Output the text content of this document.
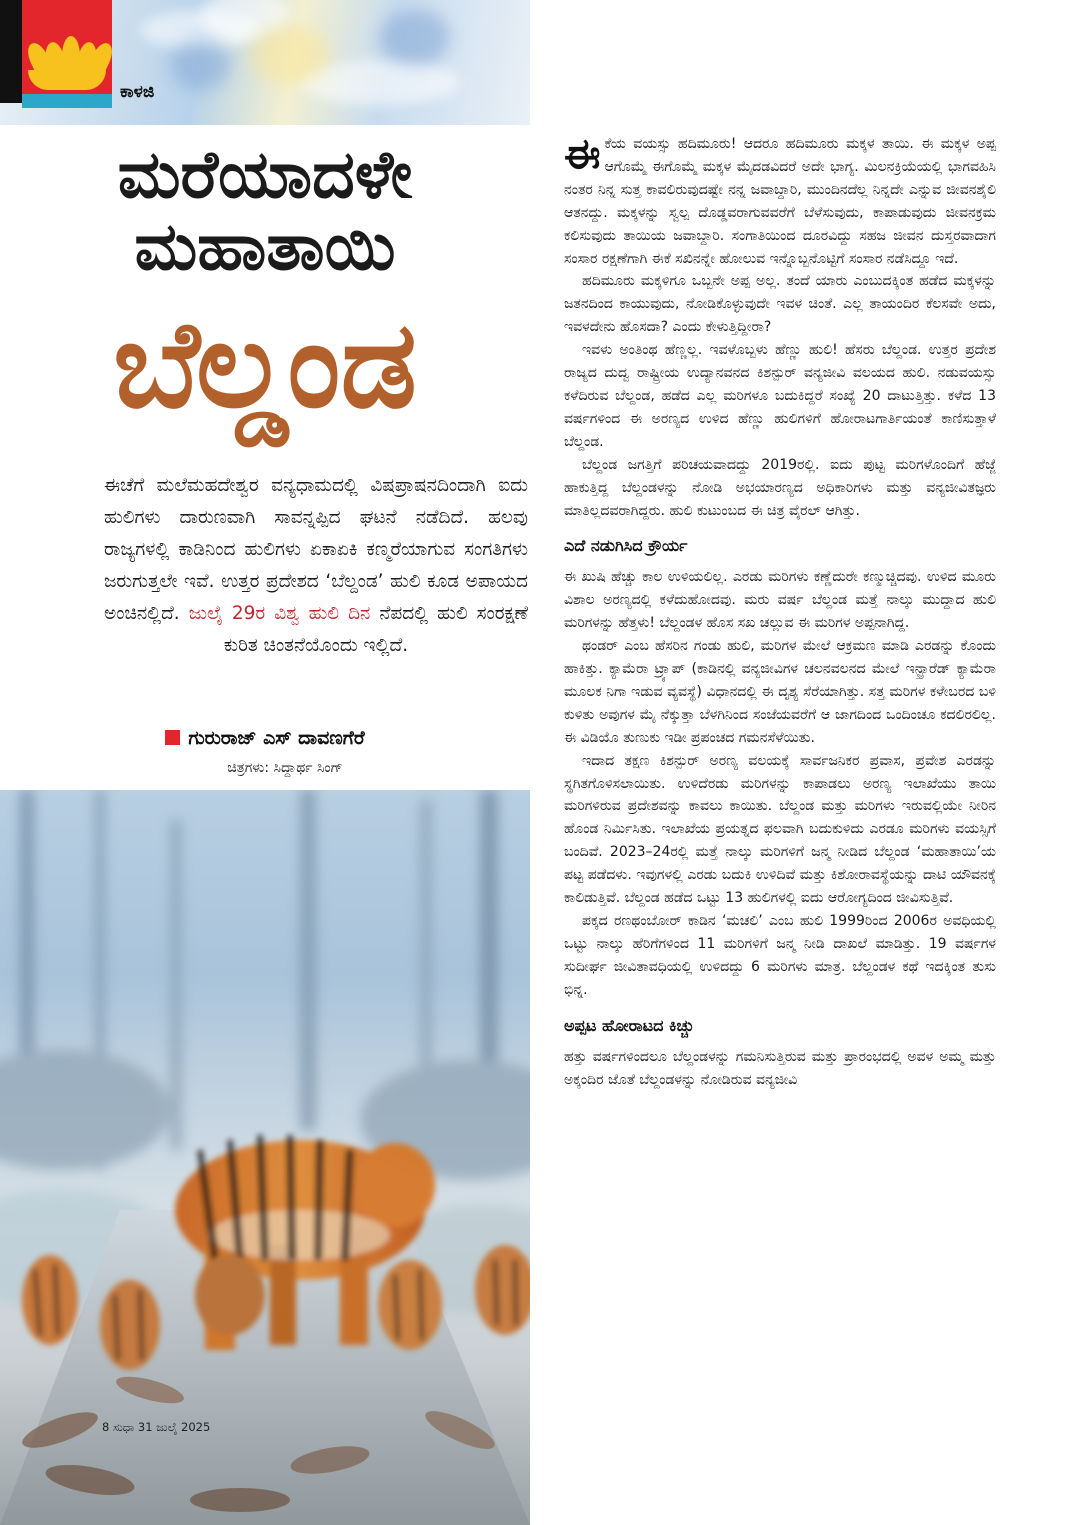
ಕಾಳಜಿ
ಮರೆಯಾದಳೇ
ಮಹಾತಾಯಿ
ಬೆಲ್ಡಂಡ
ಈಚೆಗೆ ಮಲೆಮಹದೇಶ್ವರ ವನ್ಯಧಾಮದಲ್ಲಿ ವಿಷಪ್ರಾಷನದಿಂದಾಗಿ ಐದು ಹುಲಿಗಳು ದಾರುಣವಾಗಿ ಸಾವನ್ನಪ್ಪಿದ ಘಟನೆ ನಡೆದಿದೆ. ಹಲವು ರಾಜ್ಯಗಳಲ್ಲಿ ಕಾಡಿನಿಂದ ಹುಲಿಗಳು ಏಕಾಏಕಿ ಕಣ್ಮರೆಯಾಗುವ ಸಂಗತಿಗಳು ಜರುಗುತ್ತಲೇ ಇವೆ. ಉತ್ತರ ಪ್ರದೇಶದ ‘ಬೆಲ್ದಂಡ’ ಹುಲಿ ಕೂಡ ಅಪಾಯದ ಅಂಚಿನಲ್ಲಿದೆ. ಜುಲೈ 29ರ ವಿಶ್ವ ಹುಲಿ ದಿನ ನೆಪದಲ್ಲಿ ಹುಲಿ ಸಂರಕ್ಷಣೆ ಕುರಿತ ಚಿಂತನೆಯೊಂದು ಇಲ್ಲಿದೆ.
ಗುರುರಾಜ್ ಎಸ್ ದಾವಣಗೆರೆ
ಚಿತ್ರಗಳು: ಸಿದ್ದಾರ್ಥ ಸಿಂಗ್
8 ಸುಧಾ 31 ಜುಲೈ 2025

ಈಕೆಯ ವಯಸ್ಸು ಹದಿಮೂರು! ಆದರೂ ಹದಿಮೂರು ಮಕ್ಕಳ ತಾಯಿ. ಈ ಮಕ್ಕಳ ಅಪ್ಪ ಆಗೊಮ್ಮೆ ಈಗೊಮ್ಮೆ ಮಕ್ಕಳ ಮೈದಡವಿದರೆ ಅದೇ ಭಾಗ್ಯ. ಮಿಲನಕ್ರಿಯೆಯಲ್ಲಿ ಭಾಗವಹಿಸಿ ನಂತರ ನಿನ್ನ ಸುತ್ತ ಕಾವಲಿರುವುದಷ್ಟೇ ನನ್ನ ಜವಾಬ್ದಾರಿ, ಮುಂದಿನದೆಲ್ಲ ನಿನ್ನದೇ ಎನ್ನುವ ಜೀವನಶೈಲಿ ಆತನದ್ದು. ಮಕ್ಕಳನ್ನು ಸ್ವಲ್ಪ ದೊಡ್ಡವರಾಗುವವರೆಗೆ ಬೆಳೆಸುವುದು, ಕಾಪಾಡುವುದು ಜೀವನಕ್ರಮ ಕಲಿಸುವುದು ತಾಯಿಯ ಜವಾಬ್ದಾರಿ. ಸಂಗಾತಿಯಿಂದ ದೂರವಿದ್ದು ಸಹಜ ಜೀವನ ದುಸ್ತರವಾದಾಗ ಸಂಸಾರ ರಕ್ಷಣೆಗಾಗಿ ಈಕೆ ಸಖಿನನ್ನೇ ಹೋಲುವ ಇನ್ನೊಬ್ಬನೊಟ್ಟಿಗೆ ಸಂಸಾರ ನಡೆಸಿದ್ದೂ ಇದೆ.

ಹದಿಮೂರು ಮಕ್ಕಳಿಗೂ ಒಬ್ಬನೇ ಅಪ್ಪ ಅಲ್ಲ. ತಂದೆ ಯಾರು ಎಂಬುದಕ್ಕಿಂತ ಹಡೆದ ಮಕ್ಕಳನ್ನು ಜತನದಿಂದ ಕಾಯುವುದು, ನೋಡಿಕೊಳ್ಳುವುದೇ ಇವಳ ಚಿಂತೆ. ಎಲ್ಲ ತಾಯಂದಿರ ಕೆಲಸವೇ ಅದು, ಇವಳದೇನು ಹೊಸದಾ? ಎಂದು ಕೇಳುತ್ತಿದ್ದೀರಾ?

ಇವಳು ಅಂತಿಂಥ ಹೆಣ್ಣಲ್ಲ. ಇವಳೊಬ್ಬಳು ಹೆಣ್ಣು ಹುಲಿ! ಹೆಸರು ಬೆಲ್ದಂಡ. ಉತ್ತರ ಪ್ರದೇಶ ರಾಜ್ಯದ ದುದ್ವ ರಾಷ್ಟ್ರೀಯ ಉದ್ಯಾನವನದ ಕಿಶನ್ಪುರ್ ವನ್ಯಜೀವಿ ವಲಯದ ಹುಲಿ. ನಡುವಯಸ್ಸು ಕಳೆದಿರುವ ಬೆಲ್ದಂಡ, ಹಡೆದ ಎಲ್ಲ ಮರಿಗಳೂ ಬದುಕಿದ್ದರೆ ಸಂಖ್ಯೆ 20 ದಾಟುತ್ತಿತ್ತು. ಕಳೆದ 13 ವರ್ಷಗಳಿಂದ ಈ ಅರಣ್ಯದ ಉಳಿದ ಹೆಣ್ಣು ಹುಲಿಗಳಿಗೆ ಹೋರಾಟಗಾರ್ತಿಯಂತೆ ಕಾಣಿಸುತ್ತಾಳೆ ಬೆಲ್ದಂಡ.

ಬೆಲ್ದಂಡ ಜಗತ್ತಿಗೆ ಪರಿಚಯವಾದದ್ದು 2019ರಲ್ಲಿ. ಐದು ಪುಟ್ಟ ಮರಿಗಳೊಂದಿಗೆ ಹೆಜ್ಜೆ ಹಾಕುತ್ತಿದ್ದ ಬೆಲ್ದಂಡಳನ್ನು ನೋಡಿ ಅಭಯಾರಣ್ಯದ ಅಧಿಕಾರಿಗಳು ಮತ್ತು ವನ್ಯಜೀವಿತಜ್ಞರು ಮಾತಿಲ್ಲದವರಾಗಿದ್ದರು. ಹುಲಿ ಕುಟುಂಬದ ಈ ಚಿತ್ರ ವೈರಲ್ ಆಗಿತ್ತು.

ಎದೆ ನಡುಗಿಸಿದ ಕ್ರೌರ್ಯ

ಈ ಖುಷಿ ಹೆಚ್ಚು ಕಾಲ ಉಳಿಯಲಿಲ್ಲ. ಎರಡು ಮರಿಗಳು ಕಣ್ಣೆದುರೇ ಕಣ್ಮುಚ್ಚಿದವು. ಉಳಿದ ಮೂರು ವಿಶಾಲ ಅರಣ್ಯದಲ್ಲಿ ಕಳೆದುಹೋದವು. ಮರು ವರ್ಷ ಬೆಲ್ದಂಡ ಮತ್ತೆ ನಾಲ್ಕು ಮುದ್ದಾದ ಹುಲಿ ಮರಿಗಳನ್ನು ಹೆತ್ತಳು! ಬೆಲ್ದಂಡಳ ಹೊಸ ಸಖ ಚಲ್ಲುವ ಈ ಮರಿಗಳ ಅಪ್ಪನಾಗಿದ್ದ.

ಥಂಡರ್ ಎಂಬ ಹೆಸರಿನ ಗಂಡು ಹುಲಿ, ಮರಿಗಳ ಮೇಲೆ ಆಕ್ರಮಣ ಮಾಡಿ ಎರಡನ್ನು ಕೊಂದು ಹಾಕಿತ್ತು. ಕ್ಯಾಮೆರಾ ಟ್ರ್ಯಾಪ್ (ಕಾಡಿನಲ್ಲಿ ವನ್ಯಜೀವಿಗಳ ಚಲನವಲನದ ಮೇಲೆ ಇನ್ಫ್ರಾರೆಡ್ ಕ್ಯಾಮೆರಾ ಮೂಲಕ ನಿಗಾ ಇಡುವ ವ್ಯವಸ್ಥೆ) ವಿಧಾನದಲ್ಲಿ ಈ ದೃಶ್ಯ ಸೆರೆಯಾಗಿತ್ತು. ಸತ್ತ ಮರಿಗಳ ಕಳೇಬರದ ಬಳಿ ಕುಳಿತು ಅವುಗಳ ಮೈ ನೆಕ್ಕುತ್ತಾ ಬೆಳಗಿನಿಂದ ಸಂಜೆಯವರೆಗೆ ಆ ಜಾಗದಿಂದ ಒಂದಿಂಚೂ ಕದಲಿರಲಿಲ್ಲ. ಈ ವಿಡಿಯೊ ತುಣುಕು ಇಡೀ ಪ್ರಪಂಚದ ಗಮನಸೆಳೆಯಿತು.

ಇದಾದ ತಕ್ಷಣ ಕಿಶನ್ಪುರ್ ಅರಣ್ಯ ವಲಯಕ್ಕೆ ಸಾರ್ವಜನಿಕರ ಪ್ರವಾಸ, ಪ್ರವೇಶ ಎರಡನ್ನು ಸ್ಥಗಿತಗೊಳಿಸಲಾಯಿತು. ಉಳಿದೆರಡು ಮರಿಗಳನ್ನು ಕಾಪಾಡಲು ಅರಣ್ಯ ಇಲಾಖೆಯು ತಾಯಿ ಮರಿಗಳಿರುವ ಪ್ರದೇಶವನ್ನು ಕಾವಲು ಕಾಯಿತು. ಬೆಲ್ದಂಡ ಮತ್ತು ಮರಿಗಳು ಇರುವಲ್ಲಿಯೇ ನೀರಿನ ಹೊಂಡ ನಿರ್ಮಿಸಿತು. ಇಲಾಖೆಯ ಪ್ರಯತ್ನದ ಫಲವಾಗಿ ಬದುಕುಳಿದು ಎರಡೂ ಮರಿಗಳು ವಯಸ್ಸಿಗೆ ಬಂದಿವೆ. 2023–24ರಲ್ಲಿ ಮತ್ತೆ ನಾಲ್ಕು ಮರಿಗಳಿಗೆ ಜನ್ಮ ನೀಡಿದ ಬೆಲ್ದಂಡ ‘ಮಹಾತಾಯಿ’ಯ ಪಟ್ಟ ಪಡೆದಳು. ಇವುಗಳಲ್ಲಿ ಎರಡು ಬದುಕಿ ಉಳಿದಿವೆ ಮತ್ತು ಕಿಶೋರಾವಸ್ಥೆಯನ್ನು ದಾಟಿ ಯೌವನಕ್ಕೆ ಕಾಲಿಡುತ್ತಿವೆ. ಬೆಲ್ದಂಡ ಹಡೆದ ಒಟ್ಟು 13 ಹುಲಿಗಳಲ್ಲಿ ಐದು ಆರೋಗ್ಯದಿಂದ ಜೀವಿಸುತ್ತಿವೆ.

ಪಕ್ಕದ ರಣಥಂಬೋರ್ ಕಾಡಿನ ‘ಮಚಲಿ’ ಎಂಬ ಹುಲಿ 1999ರಿಂದ 2006ರ ಅವಧಿಯಲ್ಲಿ ಒಟ್ಟು ನಾಲ್ಕು ಹೆರಿಗೆಗಳಿಂದ 11 ಮರಿಗಳಿಗೆ ಜನ್ಮ ನೀಡಿ ದಾಖಲೆ ಮಾಡಿತ್ತು. 19 ವರ್ಷಗಳ ಸುದೀರ್ಘ ಜೀವಿತಾವಧಿಯಲ್ಲಿ ಉಳಿದದ್ದು 6 ಮರಿಗಳು ಮಾತ್ರ. ಬೆಲ್ದಂಡಳ ಕಥೆ ಇದಕ್ಕಿಂತ ತುಸು ಭಿನ್ನ.

ಅಪ್ಪಟ ಹೋರಾಟದ ಕಿಚ್ಚು

ಹತ್ತು ವರ್ಷಗಳಿಂದಲೂ ಬೆಲ್ದಂಡಳನ್ನು ಗಮನಿಸುತ್ತಿರುವ ಮತ್ತು ಪ್ರಾರಂಭದಲ್ಲಿ ಅವಳ ಅಮ್ಮ ಮತ್ತು ಅಕ್ಕಂದಿರ ಜೊತೆ ಬೆಲ್ದಂಡಳನ್ನು ನೋಡಿರುವ ವನ್ಯಜೀವಿ
